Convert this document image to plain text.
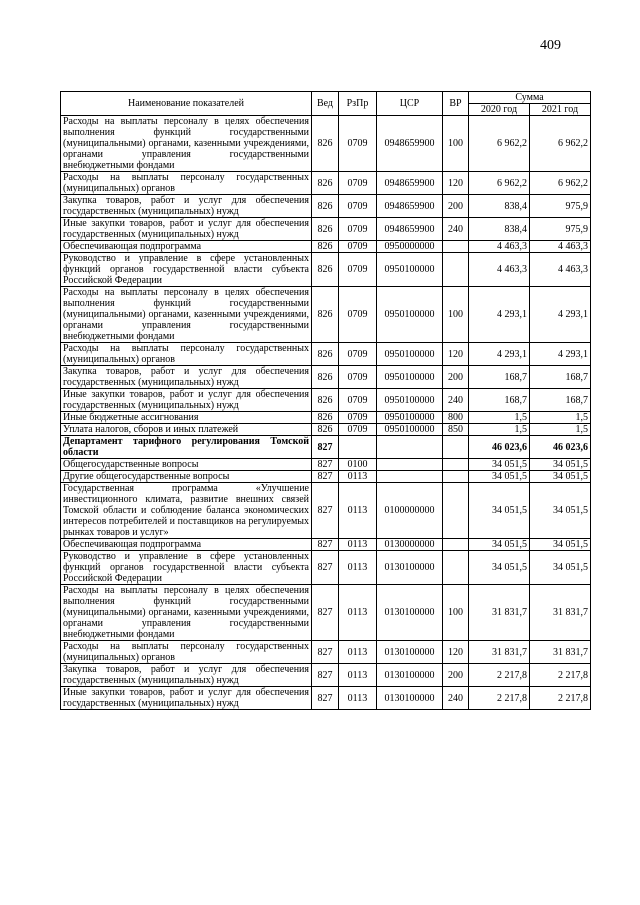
409
Наименование показателей	Вед	РзПр	ЦСР	ВР	Сумма	
					2020 год	2021 год
Расходы на выплаты персоналу в целях обеспечения выполнения функций государственными (муниципальными) органами, казенными учреждениями, органами управления государственными внебюджетными фондами	826	0709	0948659900	100	6 962,2	6 962,2
Расходы на выплаты персоналу государственных (муниципальных) органов	826	0709	0948659900	120	6 962,2	6 962,2
Закупка товаров, работ и услуг для обеспечения государственных (муниципальных) нужд	826	0709	0948659900	200	838,4	975,9
Иные закупки товаров, работ и услуг для обеспечения государственных (муниципальных) нужд	826	0709	0948659900	240	838,4	975,9
Обеспечивающая подпрограмма	826	0709	0950000000		4 463,3	4 463,3
Руководство и управление в сфере установленных функций органов государственной власти субъекта Российской Федерации	826	0709	0950100000		4 463,3	4 463,3
Расходы на выплаты персоналу в целях обеспечения выполнения функций государственными (муниципальными) органами, казенными учреждениями, органами управления государственными внебюджетными фондами	826	0709	0950100000	100	4 293,1	4 293,1
Расходы на выплаты персоналу государственных (муниципальных) органов	826	0709	0950100000	120	4 293,1	4 293,1
Закупка товаров, работ и услуг для обеспечения государственных (муниципальных) нужд	826	0709	0950100000	200	168,7	168,7
Иные закупки товаров, работ и услуг для обеспечения государственных (муниципальных) нужд	826	0709	0950100000	240	168,7	168,7
Иные бюджетные ассигнования	826	0709	0950100000	800	1,5	1,5
Уплата налогов, сборов и иных платежей	826	0709	0950100000	850	1,5	1,5
Департамент тарифного регулирования Томской области	827				46 023,6	46 023,6
Общегосударственные вопросы	827	0100			34 051,5	34 051,5
Другие общегосударственные вопросы	827	0113			34 051,5	34 051,5
Государственная программа «Улучшение инвестиционного климата, развитие внешних связей Томской области и соблюдение баланса экономических интересов потребителей и поставщиков на регулируемых рынках товаров и услуг»	827	0113	0100000000		34 051,5	34 051,5
Обеспечивающая подпрограмма	827	0113	0130000000		34 051,5	34 051,5
Руководство и управление в сфере установленных функций органов государственной власти субъекта Российской Федерации	827	0113	0130100000		34 051,5	34 051,5
Расходы на выплаты персоналу в целях обеспечения выполнения функций государственными (муниципальными) органами, казенными учреждениями, органами управления государственными внебюджетными фондами	827	0113	0130100000	100	31 831,7	31 831,7
Расходы на выплаты персоналу государственных (муниципальных) органов	827	0113	0130100000	120	31 831,7	31 831,7
Закупка товаров, работ и услуг для обеспечения государственных (муниципальных) нужд	827	0113	0130100000	200	2 217,8	2 217,8
Иные закупки товаров, работ и услуг для обеспечения государственных (муниципальных) нужд	827	0113	0130100000	240	2 217,8	2 217,8
